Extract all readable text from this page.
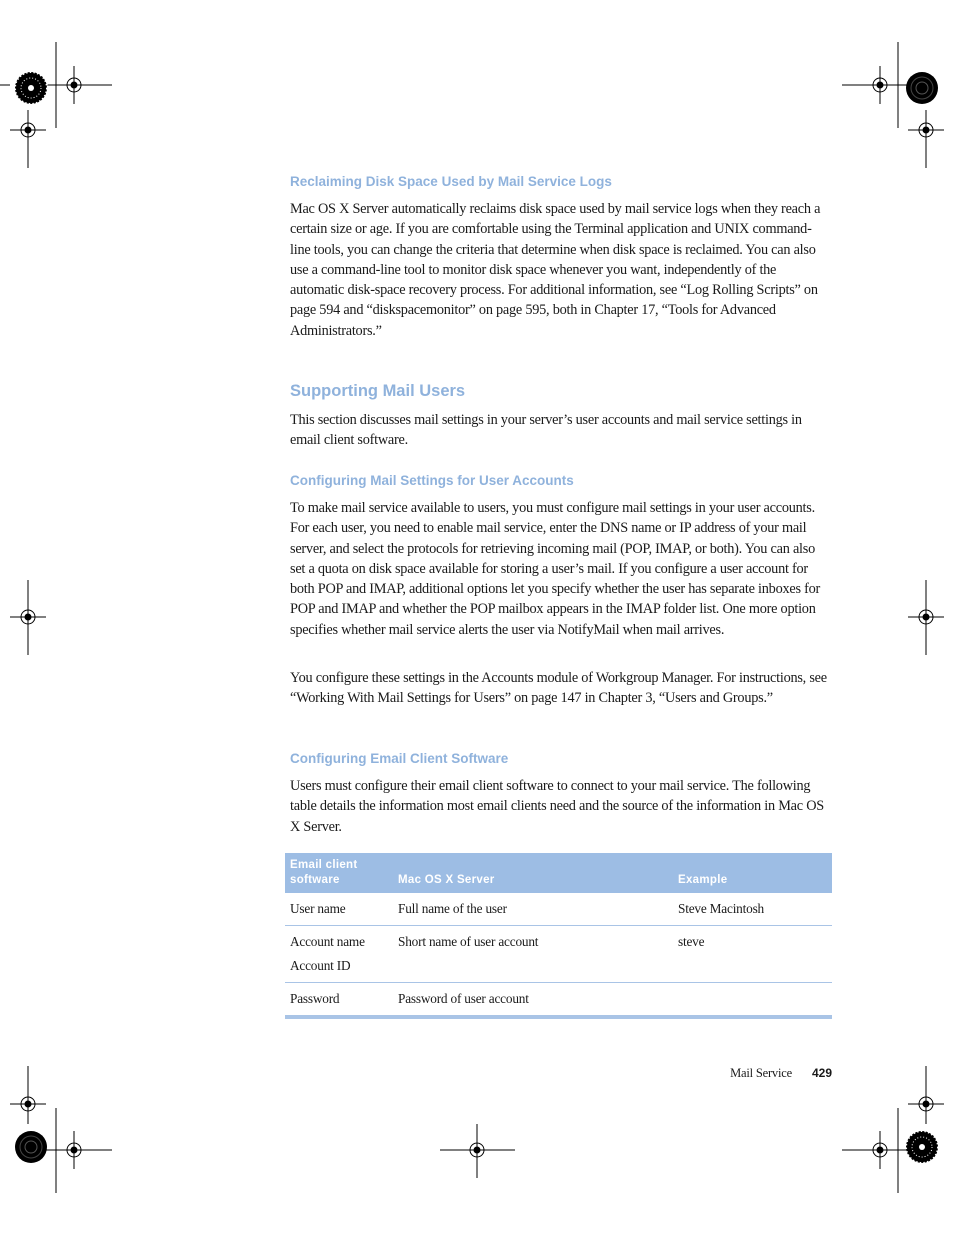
Reclaiming Disk Space Used by Mail Service Logs

Mac OS X Server automatically reclaims disk space used by mail service logs when they reach a certain size or age. If you are comfortable using the Terminal application and UNIX command-line tools, you can change the criteria that determine when disk space is reclaimed. You can also use a command-line tool to monitor disk space whenever you want, independently of the automatic disk-space recovery process. For additional information, see “Log Rolling Scripts” on page 594 and “diskspacemonitor” on page 595, both in Chapter 17, “Tools for Advanced Administrators.”

Supporting Mail Users

This section discusses mail settings in your server’s user accounts and mail service settings in email client software.

Configuring Mail Settings for User Accounts

To make mail service available to users, you must configure mail settings in your user accounts. For each user, you need to enable mail service, enter the DNS name or IP address of your mail server, and select the protocols for retrieving incoming mail (POP, IMAP, or both). You can also set a quota on disk space available for storing a user’s mail. If you configure a user account for both POP and IMAP, additional options let you specify whether the user has separate inboxes for POP and IMAP and whether the POP mailbox appears in the IMAP folder list. One more option specifies whether mail service alerts the user via NotifyMail when mail arrives.

You configure these settings in the Accounts module of Workgroup Manager. For instructions, see “Working With Mail Settings for Users” on page 147 in Chapter 3, “Users and Groups.”

Configuring Email Client Software

Users must configure their email client software to connect to your mail service. The following table details the information most email clients need and the source of the information in Mac OS X Server.

Email client
software	Mac OS X Server	Example
User name	Full name of the user	Steve Macintosh
Account name
Account ID	Short name of user account	steve
Password	Password of user account	
Mail Service 429
